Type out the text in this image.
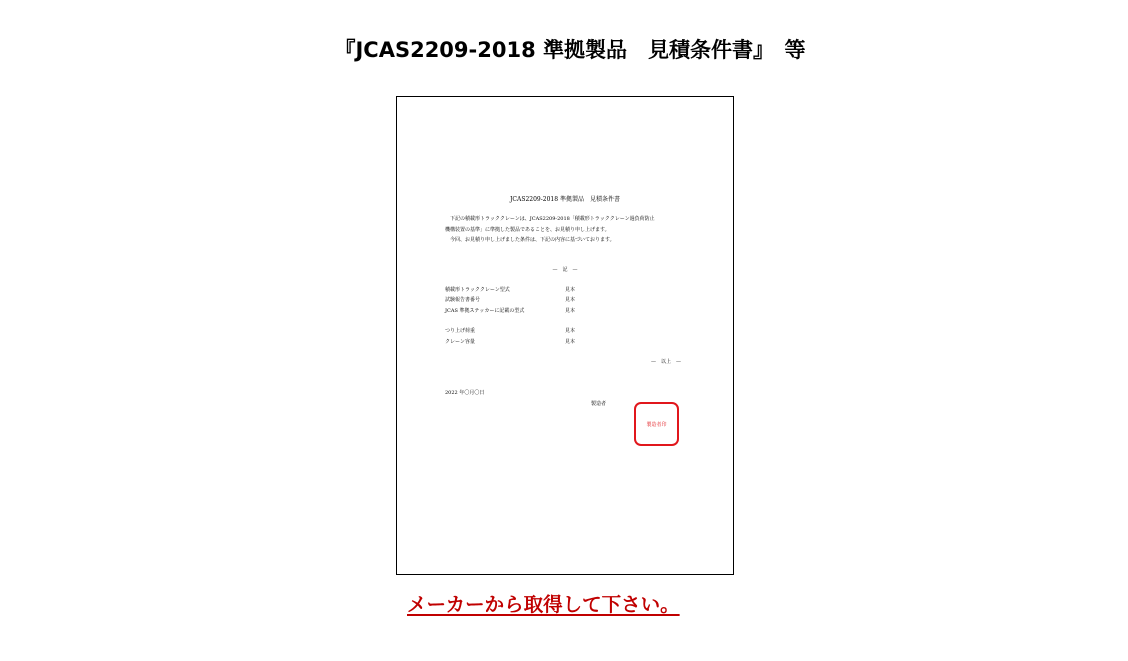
『JCAS2209-2018 準拠製品　見積条件書』　等
JCAS2209-2018 準拠製品　見積条件書
　下記の積載形トラッククレーンは、JCAS2209-2018「積載形トラッククレーン過負荷防止
機構装置の基準」に準拠した製品であることを、お見積り申し上げます。
　今回、お見積り申し上げました条件は、下記の内容に基づいております。
—　記　—
積載形トラッククレーン型式	見本
試験報告書番号	見本
JCAS 準拠ステッカーに記載の型式	見本
つり上げ荷重	見本
クレーン容量	見本
—　以上　—
2022 年〇月〇日
製造者
製造者印
メーカーから取得して下さい。
